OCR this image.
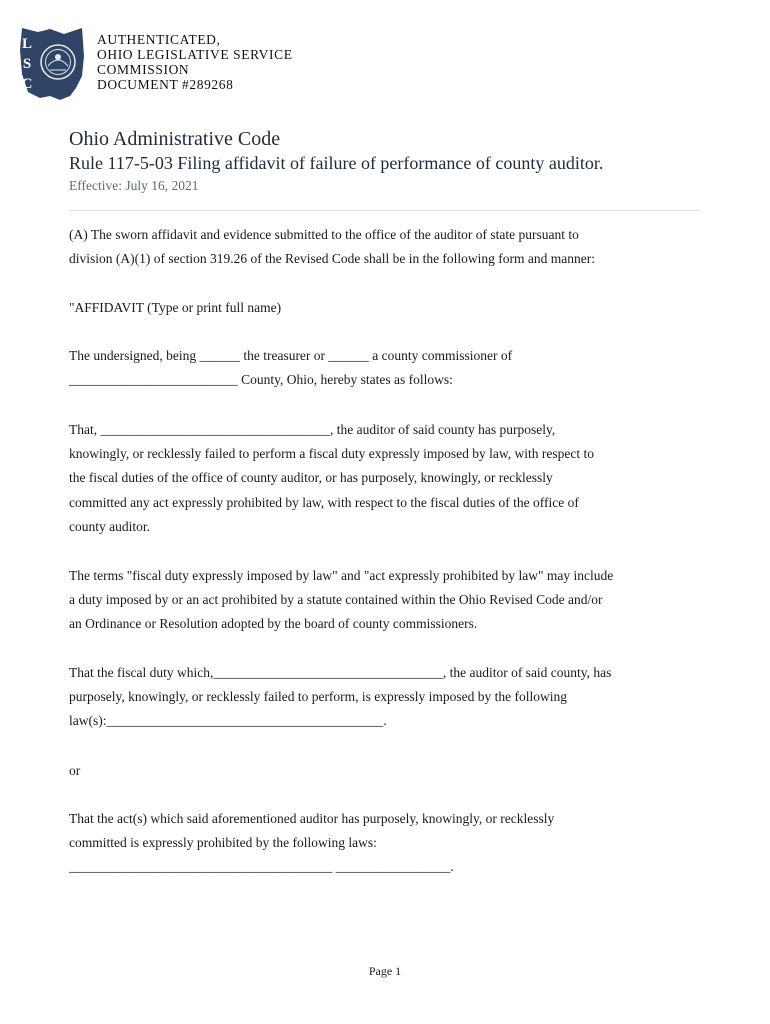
L
S
C
AUTHENTICATED,
OHIO LEGISLATIVE SERVICE
COMMISSION
DOCUMENT #289268
Ohio Administrative Code
Rule 117-5-03 Filing affidavit of failure of performance of county auditor.
Effective: July 16, 2021
(A) The sworn affidavit and evidence submitted to the office of the auditor of state pursuant to
division (A)(1) of section 319.26 of the Revised Code shall be in the following form and manner:
"AFFIDAVIT (Type or print full name)
The undersigned, being ______ the treasurer or ______ a county commissioner of
_________________________ County, Ohio, hereby states as follows:
That, __________________________________, the auditor of said county has purposely,
knowingly, or recklessly failed to perform a fiscal duty expressly imposed by law, with respect to
the fiscal duties of the office of county auditor, or has purposely, knowingly, or recklessly
committed any act expressly prohibited by law, with respect to the fiscal duties of the office of
county auditor.
The terms "fiscal duty expressly imposed by law" and "act expressly prohibited by law" may include
a duty imposed by or an act prohibited by a statute contained within the Ohio Revised Code and/or
an Ordinance or Resolution adopted by the board of county commissioners.
That the fiscal duty which,__________________________________, the auditor of said county, has
purposely, knowingly, or recklessly failed to perform, is expressly imposed by the following
law(s):_________________________________________.
or
That the act(s) which said aforementioned auditor has purposely, knowingly, or recklessly
committed is expressly prohibited by the following laws:
_______________________________________ _________________.
Page 1
